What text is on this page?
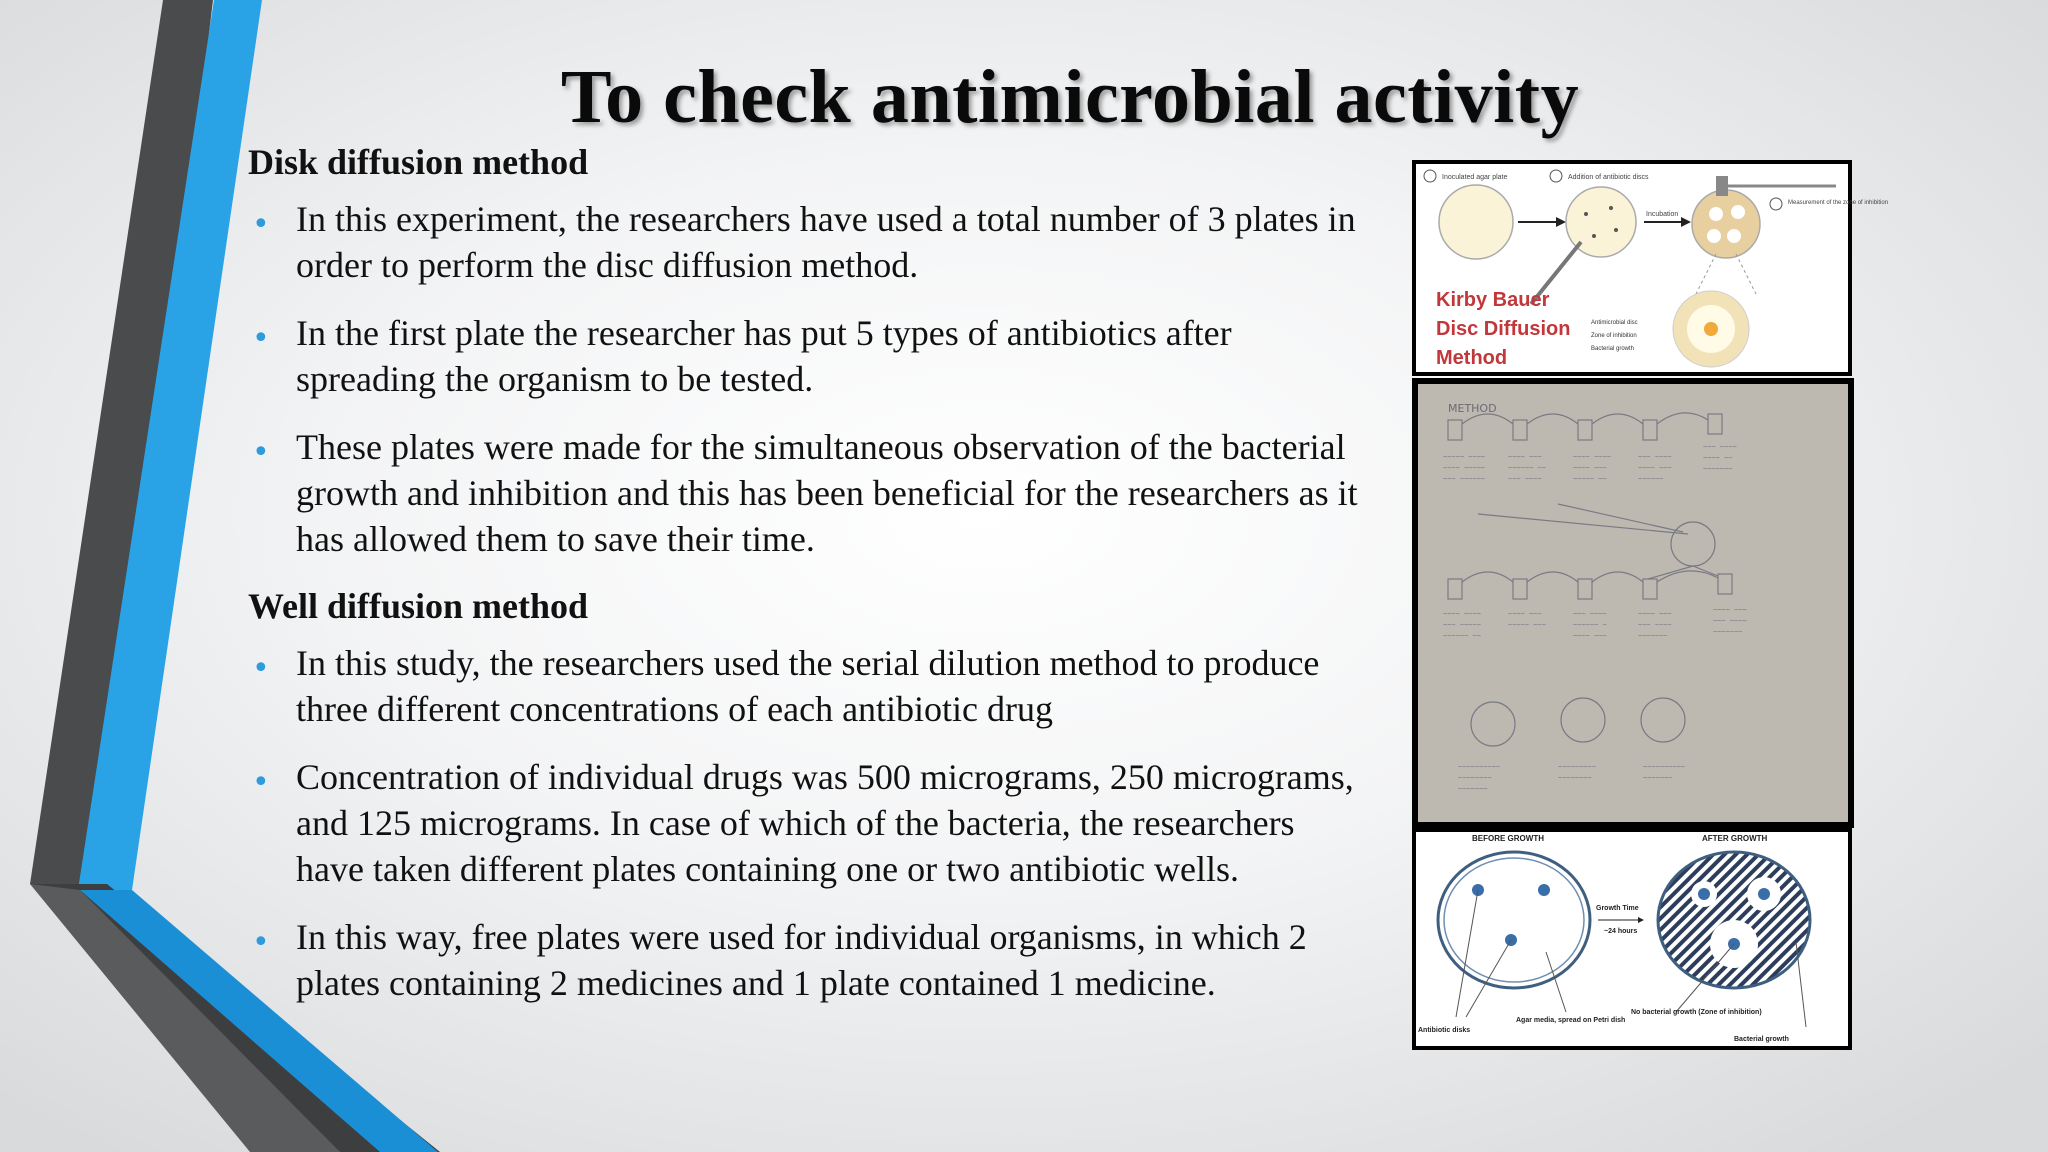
To check antimicrobial activity
Disk diffusion method
• In this experiment, the researchers have used a total number of 3 plates in order to perform the disc diffusion method.
• In the first plate the researcher has put 5 types of antibiotics after spreading the organism to be tested.
• These plates were made for the simultaneous observation of the bacterial growth and inhibition and this has been beneficial for the researchers as it has allowed them to save their time.
Well diffusion method
• In this study, the researchers used the serial dilution method to produce three different concentrations of each antibiotic drug
• Concentration of individual drugs was 500 micrograms, 250 micrograms, and 125 micrograms. In case of which of the bacteria, the researchers have taken different plates containing one or two antibiotic wells.
• In this way, free plates were used for individual organisms, in which 2 plates containing 2 medicines and 1 plate contained 1 medicine.
Inoculated agar plate	Addition of antibiotic discs
Incubation
Measurement of the zone of inhibition
Antimicrobial disc
Zone of inhibition
Bacterial growth
Kirby Bauer
Disc Diffusion
Method
METHOD
~~~~~ ~~~~
~~~~ ~~~~~
~~~ ~~~~~~
~~~~ ~~~
~~~~~~ ~~
~~~ ~~~~
~~~~ ~~~~
~~~~ ~~~
~~~~~ ~~
~~~ ~~~~
~~~~ ~~~
~~~~~~
~~~ ~~~~
~~~~ ~~
~~~~~~~
~~~~ ~~~~
~~~ ~~~~~
~~~~~~ ~~
~~~~ ~~~
~~~~~ ~~~
~~~ ~~~~
~~~~~~ ~
~~~~ ~~~
~~~~ ~~~
~~~ ~~~~
~~~~~~~
~~~~ ~~~
~~~ ~~~~
~~~~~~~
~~~~~~~~~~
~~~~~~~~
~~~~~~~
~~~~~~~~~
~~~~~~~~
~~~~~~~~~~
~~~~~~~
BEFORE GROWTH	AFTER GROWTH
Growth Time
~24 hours
Antibiotic disks
Agar media, spread on Petri dish
No bacterial growth (Zone of inhibition)
Bacterial growth
